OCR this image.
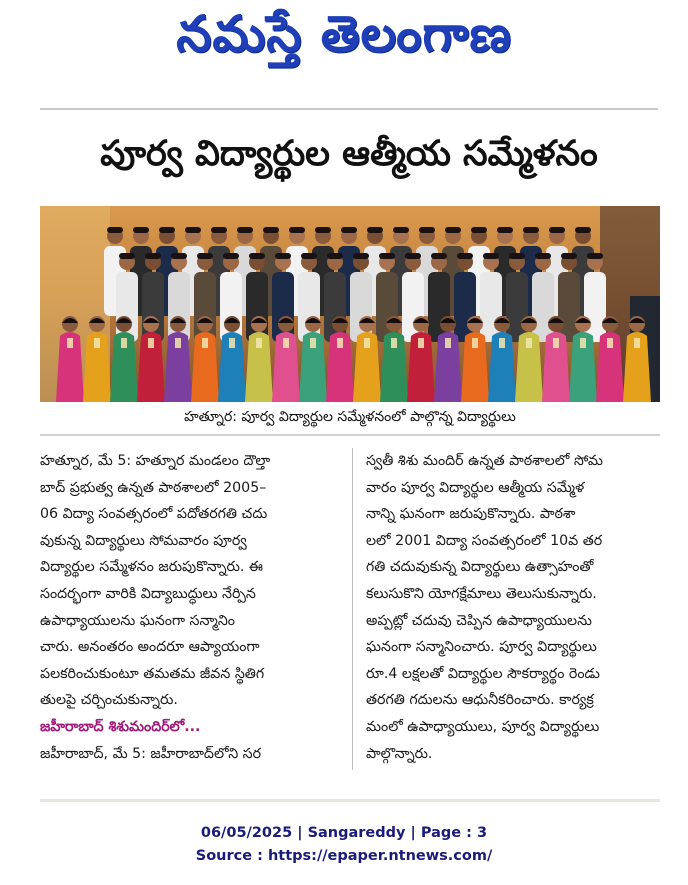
నమస్తే తెలంగాణ
పూర్వ విద్యార్థుల ఆత్మీయ సమ్మేళనం
హత్నూర: పూర్వ విద్యార్థుల సమ్మేళనంలో పాల్గొన్న విద్యార్థులు
హత్నూర, మే 5: హత్నూర మండలం దౌల్తా
బాద్ ప్రభుత్వ ఉన్నత పాఠశాలలో 2005–
06 విద్యా సంవత్సరంలో పదోతరగతి చదు
వుకున్న విద్యార్థులు సోమవారం పూర్వ
విద్యార్థుల సమ్మేళనం జరుపుకొన్నారు. ఈ
సందర్భంగా వారికి విద్యాబుద్ధులు నేర్పిన
ఉపాధ్యాయులను ఘనంగా సన్మానిం
చారు. అనంతరం అందరూ ఆప్యాయంగా
పలకరించుకుంటూ తమతమ జీవన స్థితిగ
తులపై చర్చించుకున్నారు.
జహీరాబాద్ శిశుమందిర్‌లో...
జహీరాబాద్, మే 5: జహీరాబాద్‌లోని సర
స్వతీ శిశు మందిర్ ఉన్నత పాఠశాలలో సోమ
వారం పూర్వ విద్యార్థుల ఆత్మీయ సమ్మేళ
నాన్ని ఘనంగా జరుపుకొన్నారు. పాఠశా
లలో 2001 విద్యా సంవత్సరంలో 10వ తర
గతి చదువుకున్న విద్యార్థులు ఉత్సాహంతో
కలుసుకొని యోగక్షేమాలు తెలుసుకున్నారు.
అప్పట్లో చదువు చెప్పిన ఉపాధ్యాయులను
ఘనంగా సన్మానించారు. పూర్వ విద్యార్థులు
రూ.4 లక్షలతో విద్యార్థుల సౌకర్యార్థం రెండు
తరగతి గదులను ఆధునీకరించారు. కార్యక్ర
మంలో ఉపాధ్యాయులు, పూర్వ విద్యార్థులు
పాల్గొన్నారు.
06/05/2025 | Sangareddy | Page : 3
Source : https://epaper.ntnews.com/
